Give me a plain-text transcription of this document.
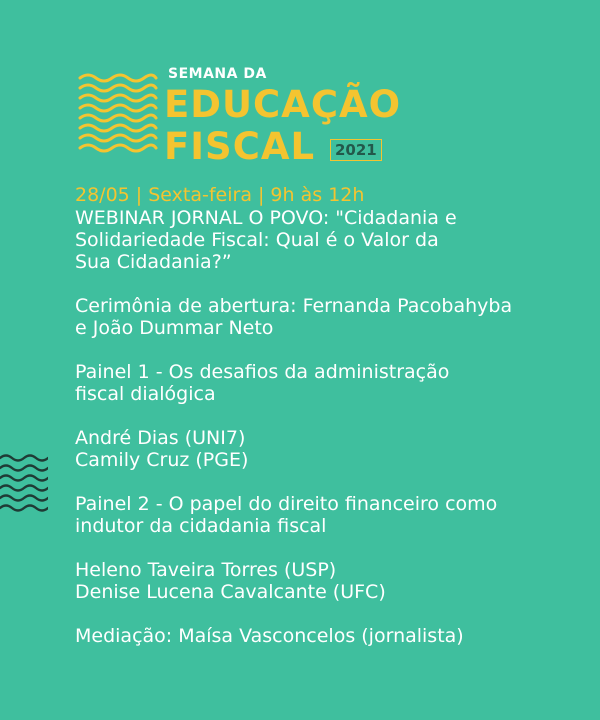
SEMANA DA
EDUCAÇÃO
FISCAL	2021

28/05 | Sexta-feira | 9h às 12h

WEBINAR JORNAL O POVO: "Cidadania e

Solidariedade Fiscal: Qual é o Valor da

Sua Cidadania?”

Cerimônia de abertura: Fernanda Pacobahyba

e João Dummar Neto

Painel 1 - Os desafios da administração

fiscal dialógica

André Dias (UNI7)

Camily Cruz (PGE)

Painel 2 - O papel do direito financeiro como

indutor da cidadania fiscal

Heleno Taveira Torres (USP)

Denise Lucena Cavalcante (UFC)

Mediação: Maísa Vasconcelos (jornalista)
